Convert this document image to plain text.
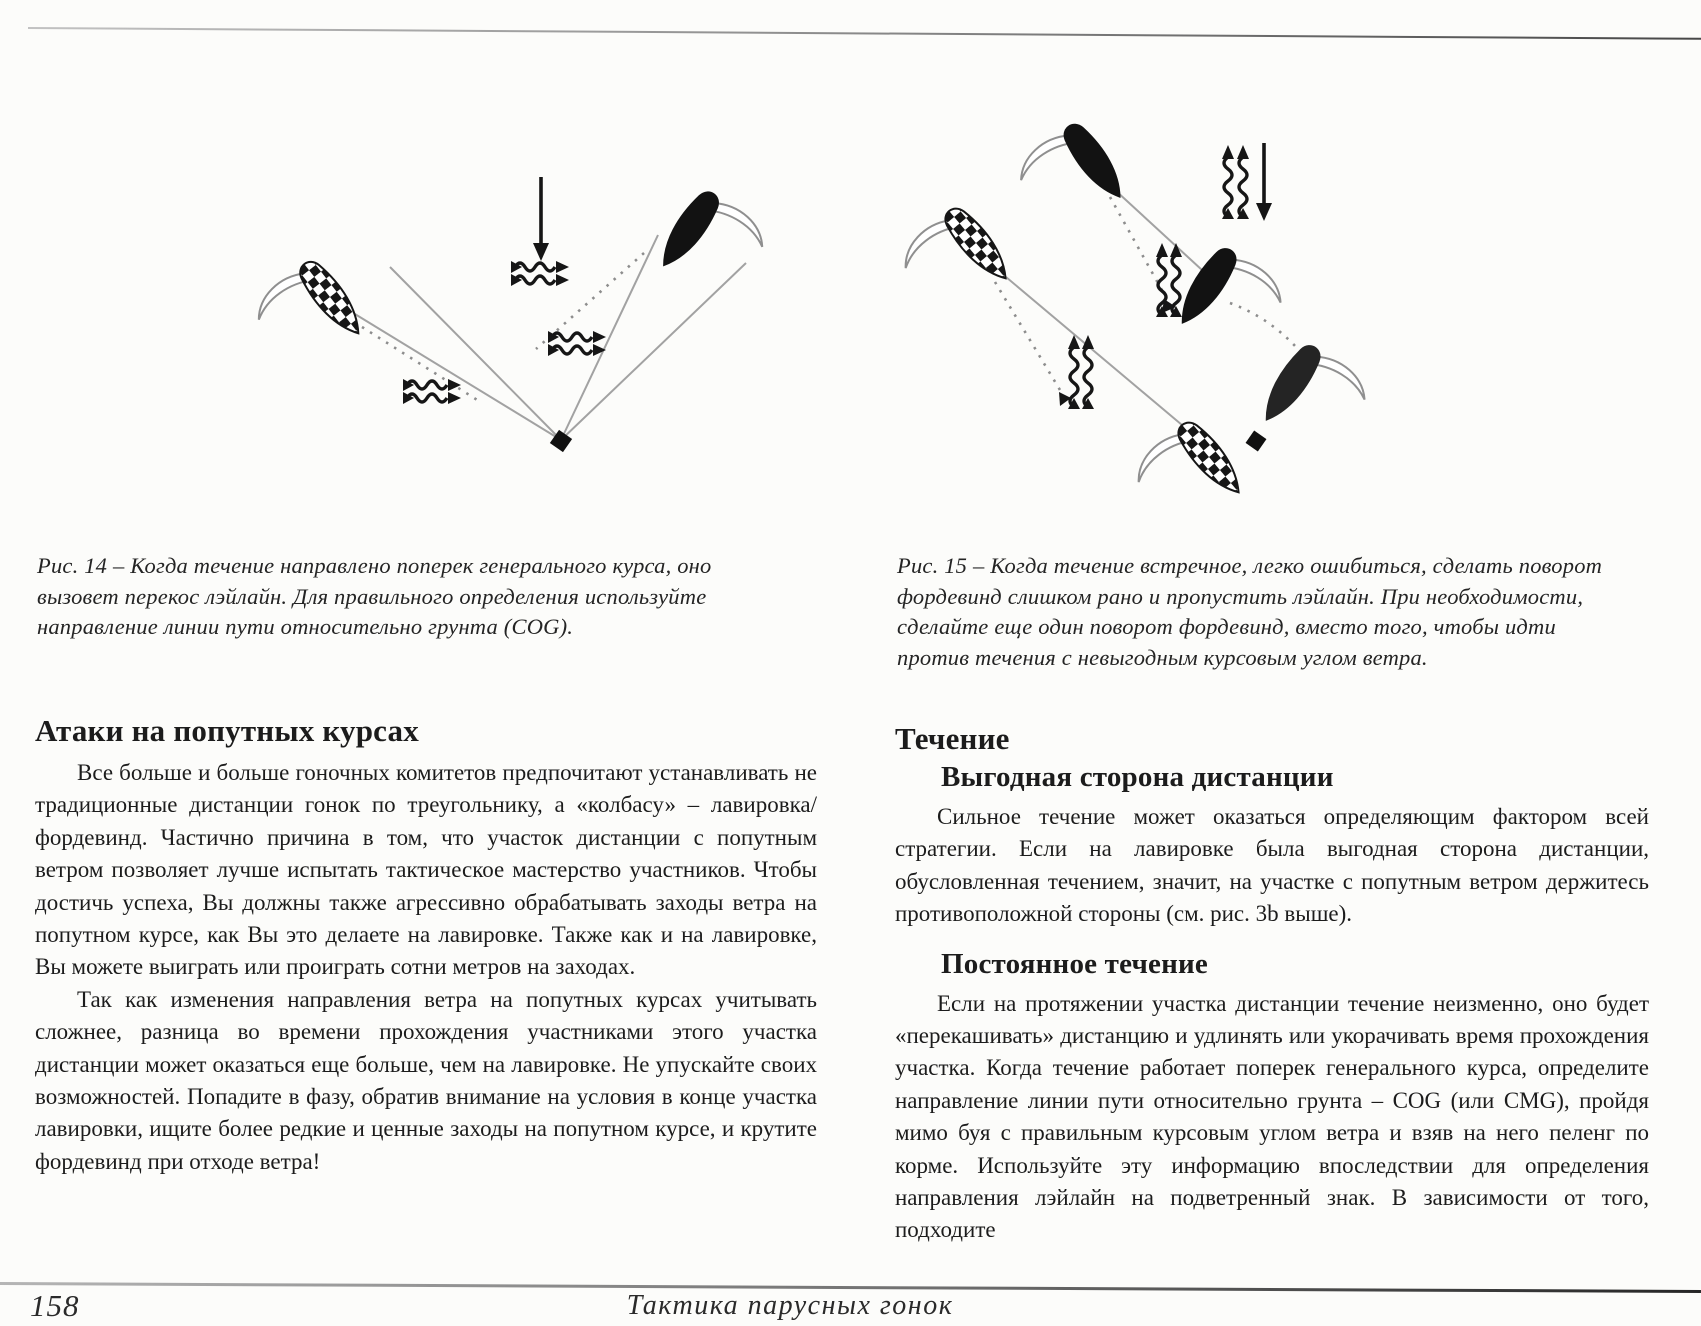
Рис. 14 – Когда течение направлено поперек генерального курса, оно вызовет перекос лэйлайн. Для правильного определения используйте направление линии пути относительно грунта (COG).
Рис. 15 – Когда течение встречное, легко ошибиться, сделать поворот фордевинд слишком рано и пропустить лэйлайн. При необходимости, сделайте еще один поворот фордевинд, вместо того, чтобы идти против течения с невыгодным курсовым углом ветра.
Атаки на попутных курсах

Все больше и больше гоночных комитетов предпочитают устанавливать не традиционные дистанции гонок по треугольнику, а «колбасу» – лавировка/фордевинд. Частично причина в том, что участок дистанции с попутным ветром позволяет лучше испытать тактическое мастерство участников. Чтобы достичь успеха, Вы должны также агрессивно обрабатывать заходы ветра на попутном курсе, как Вы это делаете на лавировке. Также как и на лавировке, Вы можете выиграть или проиграть сотни метров на заходах.

Так как изменения направления ветра на попутных курсах учитывать сложнее, разница во времени прохождения участниками этого участка дистанции может оказаться еще больше, чем на лавировке. Не упускайте своих возможностей. Попадите в фазу, обратив внимание на условия в конце участка лавировки, ищите более редкие и ценные заходы на попутном курсе, и крутите фордевинд при отходе ветра!

Течение
Выгодная сторона дистанции

Сильное течение может оказаться определяющим фактором всей стратегии. Если на лавировке была выгодная сторона дистанции, обусловленная течением, значит, на участке с попутным ветром держитесь противоположной стороны (см. рис. 3b выше).

Постоянное течение

Если на протяжении участка дистанции течение неизменно, оно будет «перекашивать» дистанцию и удлинять или укорачивать время прохождения участка. Когда течение работает поперек генерального курса, определите направление линии пути относительно грунта – COG (или CMG), пройдя мимо буя с правильным курсовым углом ветра и взяв на него пеленг по корме. Используйте эту информацию впоследствии для определения направления лэйлайн на подветренный знак. В зависимости от того, подходите

158	Тактика парусных гонок
